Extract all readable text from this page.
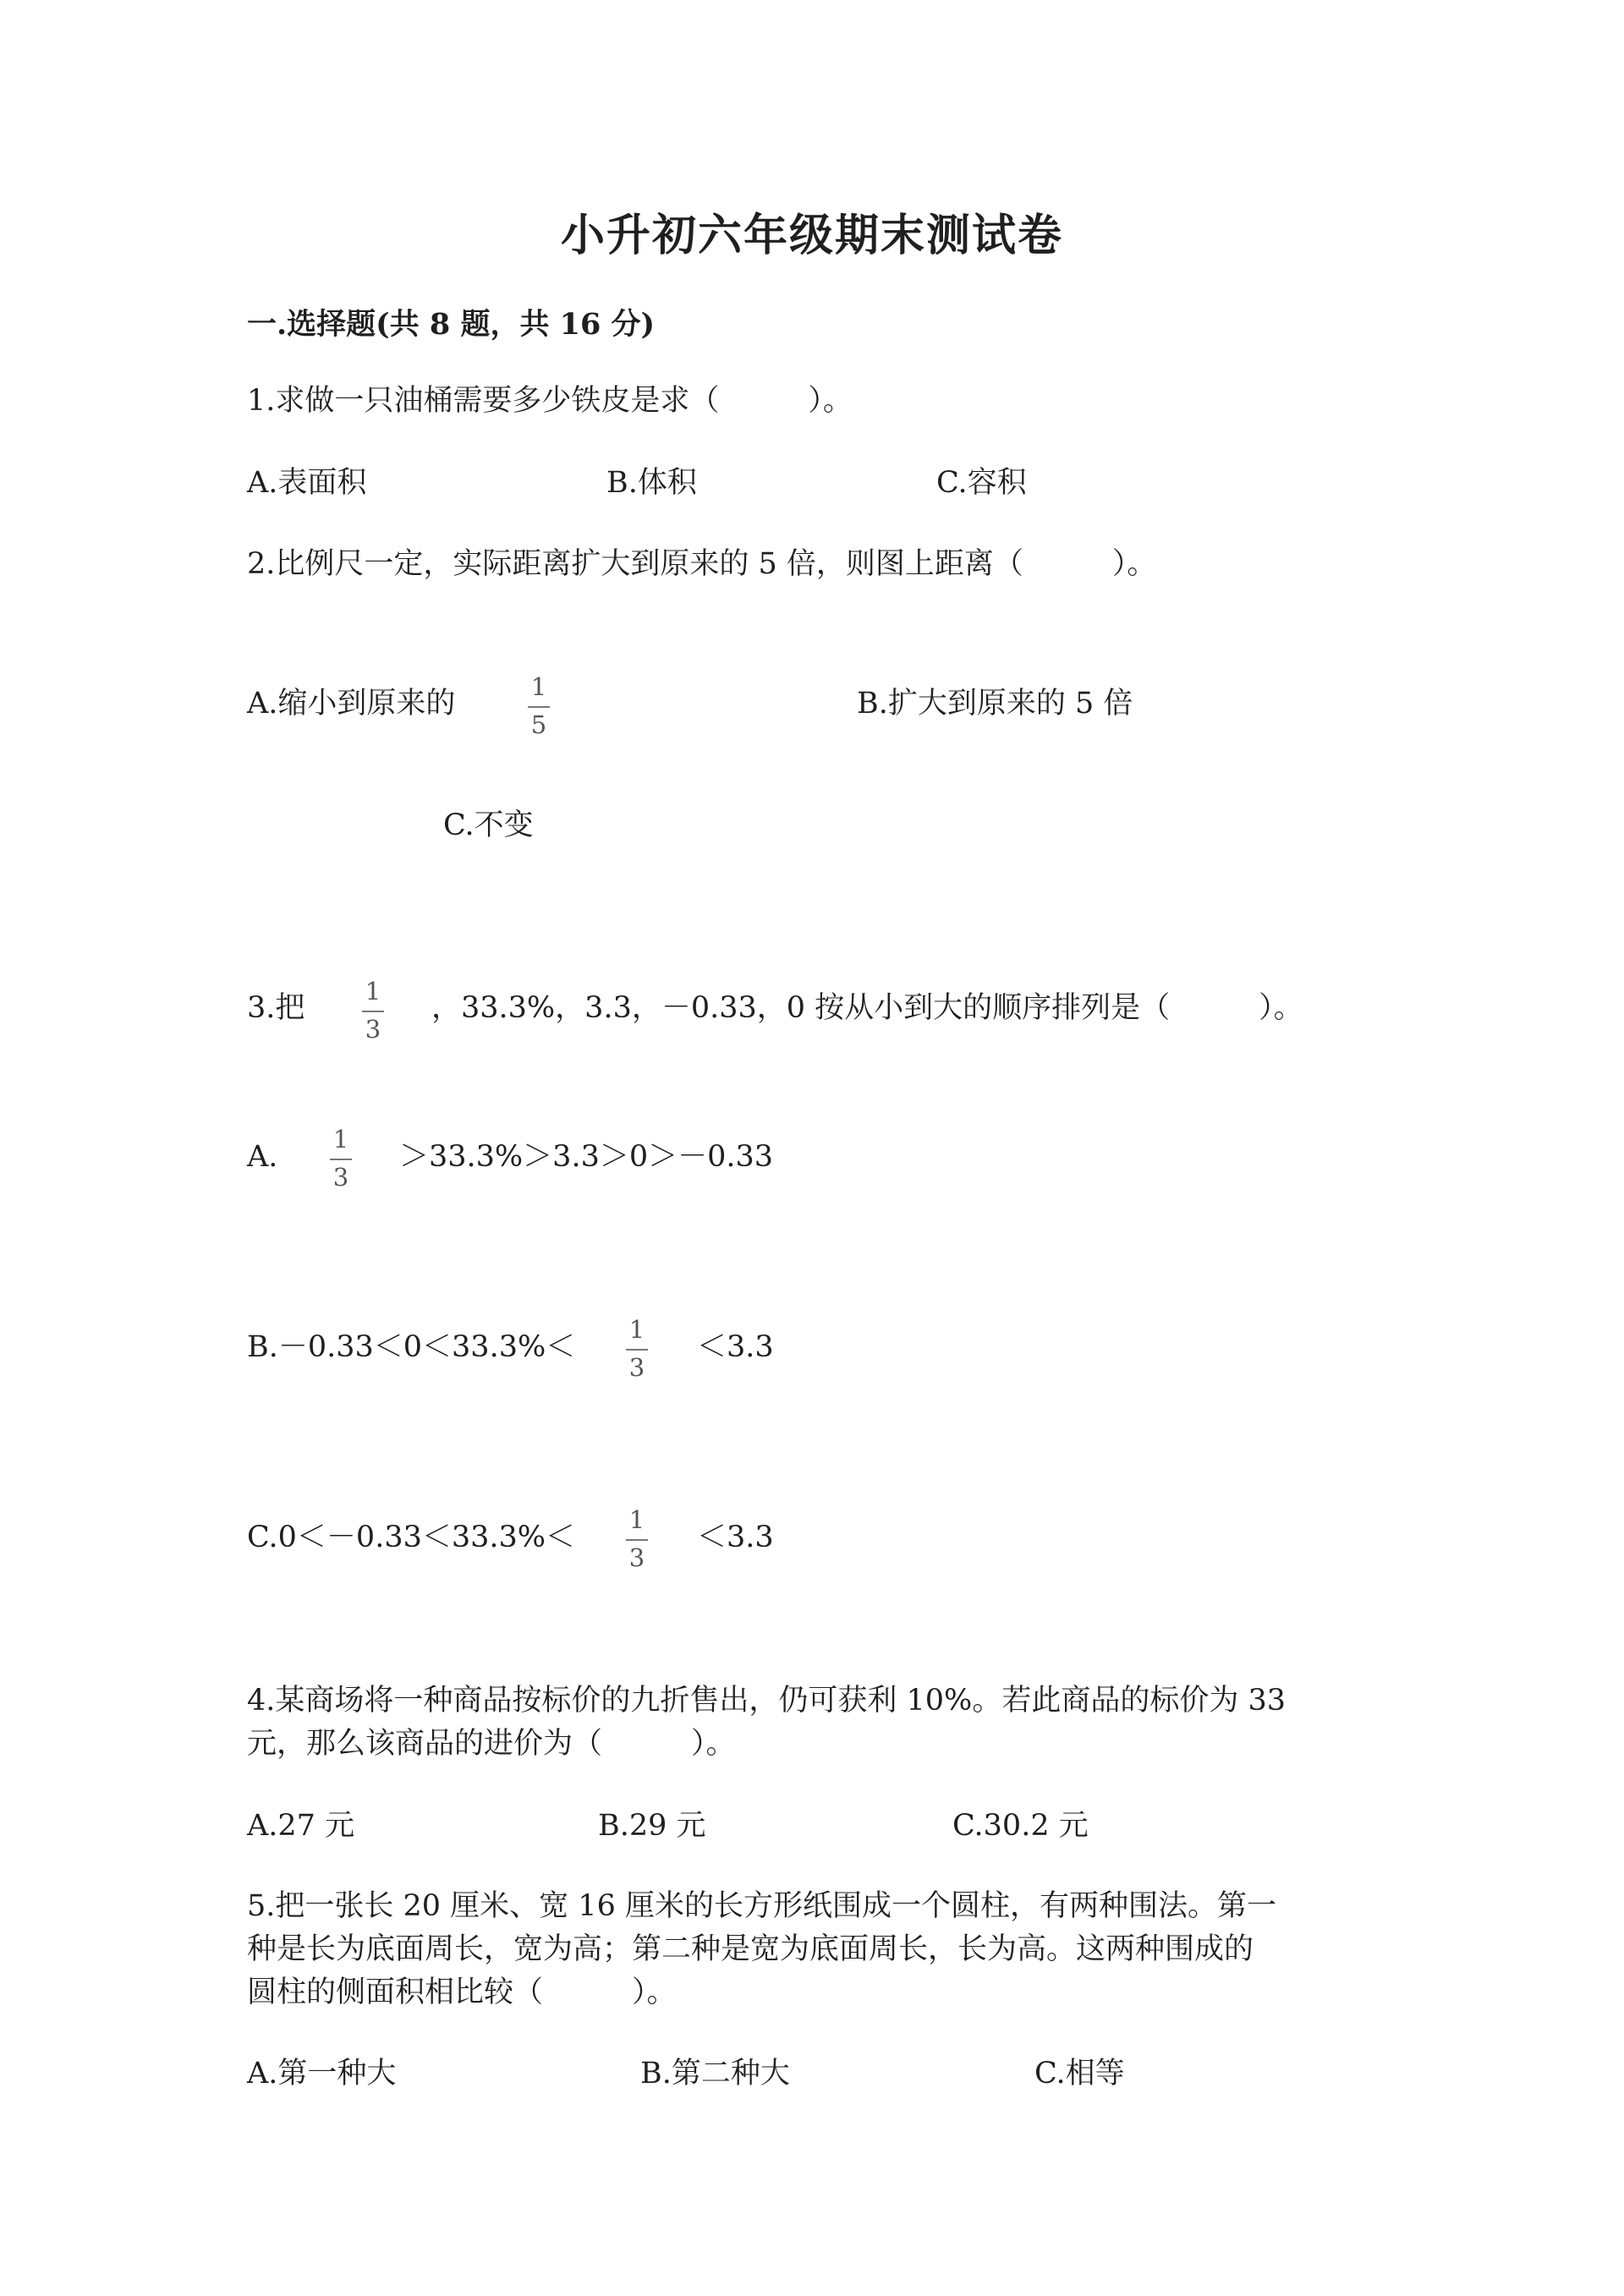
小升初六年级期末测试卷
一.选择题(共 8 题，共 16 分)
1.求做一只油桶需要多少铁皮是求（　　　）。
A.表面积	B.体积	C.容积
2.比例尺一定，实际距离扩大到原来的 5 倍，则图上距离（　　　）。
A.缩小到原来的	1
5
B.扩大到原来的 5 倍
C.不变
3.把	1
3
，33.3%，3.3，－0.33，0 按从小到大的顺序排列是（　　　）。
A.
1
3
＞33.3%＞3.3＞0＞－0.33
B.－0.33＜0＜33.3%＜
1
3
＜3.3
C.0＜－0.33＜33.3%＜
1
3
＜3.3
4.某商场将一种商品按标价的九折售出，仍可获利 10%。若此商品的标价为 33
元，那么该商品的进价为（　　　）。
A.27 元	B.29 元	C.30.2 元
5.把一张长 20 厘米、宽 16 厘米的长方形纸围成一个圆柱，有两种围法。第一
种是长为底面周长，宽为高；第二种是宽为底面周长，长为高。这两种围成的
圆柱的侧面积相比较（　　　）。
A.第一种大	B.第二种大	C.相等
